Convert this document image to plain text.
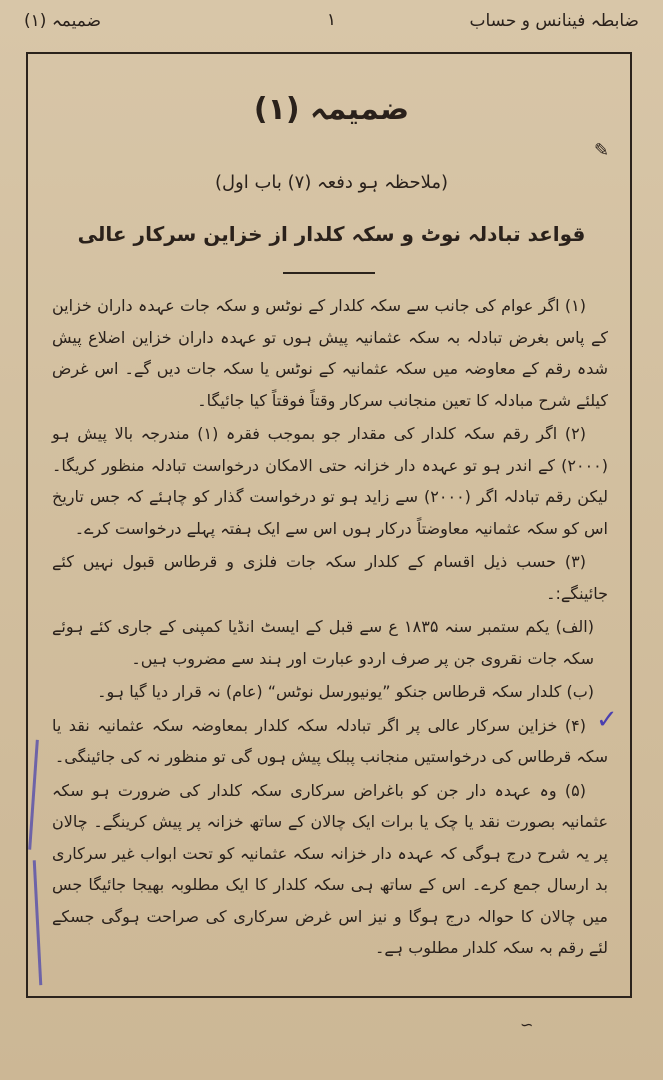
ضابطہ فینانس و حساب
۱
ضمیمہ (۱)
ضمیمہ (۱)
(ملاحظہ ہو دفعہ (۷) باب اول)
قواعد تبادلہ نوٹ و سکہ کلدار از خزاین سرکار عالی

(۱) اگر عوام کی جانب سے سکہ کلدار کے نوٹس و سکہ جات عہدہ داران خزاین کے پاس بغرض تبادلہ بہ سکہ عثمانیہ پیش ہوں تو عہدہ داران خزاین اضلاع پیش شدہ رقم کے معاوضہ میں سکہ عثمانیہ کے نوٹس یا سکہ جات دیں گے۔ اس غرض کیلئے شرح مبادلہ کا تعین منجانب سرکار وقتاً فوقتاً کیا جائیگا۔

(۲) اگر رقم سکہ کلدار کی مقدار جو بموجب فقرہ (۱) مندرجہ بالا پیش ہو (۲۰۰۰) کے اندر ہو تو عہدہ دار خزانہ حتی الامکان درخواست تبادلہ منظور کریگا۔ لیکن رقم تبادلہ اگر (۲۰۰۰) سے زاید ہو تو درخواست گذار کو چاہئے کہ جس تاریخ اس کو سکہ عثمانیہ معاوضتاً درکار ہوں اس سے ایک ہفتہ پہلے درخواست کرے۔

(۳) حسب ذیل اقسام کے کلدار سکہ جات فلزی و قرطاس قبول نہیں کئے جائینگے:۔

(الف) یکم ستمبر سنہ ۱۸۳۵ ع سے قبل کے ایسٹ انڈیا کمپنی کے جاری کئے ہوئے سکہ جات نقروی جن پر صرف اردو عبارت اور ہند سے مضروب ہیں۔

(ب) کلدار سکہ قرطاس جنکو ”یونیورسل نوٹس“ (عام) نہ قرار دیا گیا ہو۔

(۴) خزاین سرکار عالی پر اگر تبادلہ سکہ کلدار بمعاوضہ سکہ عثمانیہ نقد یا سکہ قرطاس کی درخواستیں منجانب پبلک پیش ہوں گی تو منظور نہ کی جائینگی۔

(۵) وہ عہدہ دار جن کو باغراض سرکاری سکہ کلدار کی ضرورت ہو سکہ عثمانیہ بصورت نقد یا چک یا برات ایک چالان کے ساتھ خزانہ پر پیش کرینگے۔ چالان پر یہ شرح درج ہوگی کہ عہدہ دار خزانہ سکہ عثمانیہ کو تحت ابواب غیر سرکاری بد ارسال جمع کرے۔ اس کے ساتھ ہی سکہ کلدار کا ایک مطلوبہ بھیجا جائیگا جس میں چالان کا حوالہ درج ہوگا و نیز اس غرض سرکاری کی صراحت ہوگی جسکے لئے رقم بہ سکہ کلدار مطلوب ہے۔

✓
✎
∽
